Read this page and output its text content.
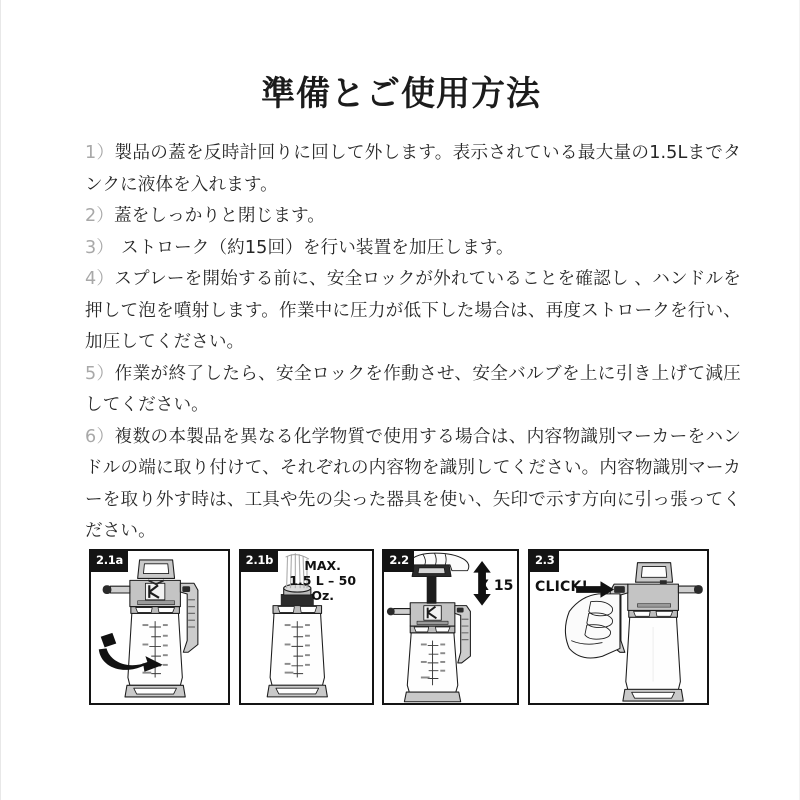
準備とご使用方法

1）製品の蓋を反時計回りに回して外します。表示されている最大量の1.5Lまでタンクに液体を入れます。

2）蓋をしっかりと閉じます。

3） ストローク（約15回）を行い装置を加圧します。

4）スプレーを開始する前に、安全ロックが外れていることを確認し 、ハンドルを押して泡を噴射します。作業中に圧力が低下した場合は、再度ストロークを行い、加圧してください。

5）作業が終了したら、安全ロックを作動させ、安全バルブを上に引き上げて減圧してください。

6）複数の本製品を異なる化学物質で使用する場合は、内容物識別マーカーをハンドルの端に取り付けて、それぞれの内容物を識別してください。内容物識別マーカーを取り外す時は、工具や先の尖った器具を使い、矢印で示す方向に引っ張ってください。

2.1a	2.1b	MAX.
1.5 L – 50 Oz.
2.2
X 15
2.3
CLICK!
